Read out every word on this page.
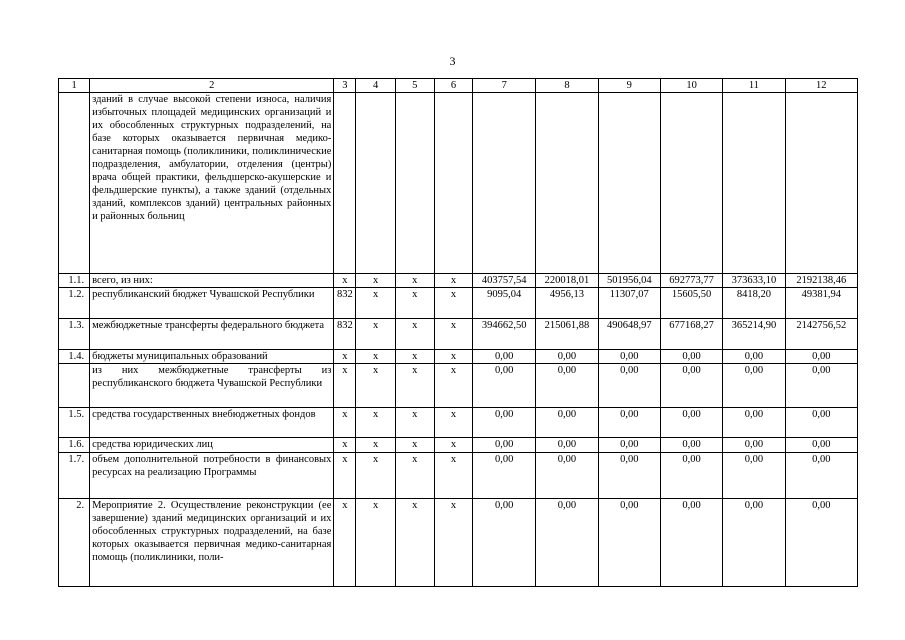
3
1	2	3	4	5	6	7	8	9	10	11	12
	зданий в случае высокой степени износа, наличия избыточных площадей медицинских организаций и их обособленных структурных подразделений, на базе которых оказывается первичная медико-санитарная помощь (поликлиники, поликлинические подразделения, амбулатории, отделения (центры) врача общей практики, фельдшерско-акушерские и фельдшерские пункты), а также зданий (отдельных зданий, комплексов зданий) центральных районных и районных больниц										
1.1.	всего, из них:	x	x	x	x	403757,54	220018,01	501956,04	692773,77	373633,10	2192138,46
1.2.	республиканский бюджет Чувашской Республики	832	x	x	x	9095,04	4956,13	11307,07	15605,50	8418,20	49381,94
1.3.	межбюджетные трансферты федерального бюджета	832	x	x	x	394662,50	215061,88	490648,97	677168,27	365214,90	2142756,52
1.4.	бюджеты муниципальных образований	x	x	x	x	0,00	0,00	0,00	0,00	0,00	0,00
	из них межбюджетные трансферты из республиканского бюджета Чувашской Республики	x	x	x	x	0,00	0,00	0,00	0,00	0,00	0,00
1.5.	средства государственных внебюджетных фондов	x	x	x	x	0,00	0,00	0,00	0,00	0,00	0,00
1.6.	средства юридических лиц	x	x	x	x	0,00	0,00	0,00	0,00	0,00	0,00
1.7.	объем дополнительной потребности в финансовых ресурсах на реализацию Программы	x	x	x	x	0,00	0,00	0,00	0,00	0,00	0,00
2.	Мероприятие 2. Осуществление реконструкции (ее завершение) зданий медицинских организаций и их обособленных структурных подразделений, на базе которых оказывается первичная медико-санитарная помощь (поликлиники, поли-	x	x	x	x	0,00	0,00	0,00	0,00	0,00	0,00
